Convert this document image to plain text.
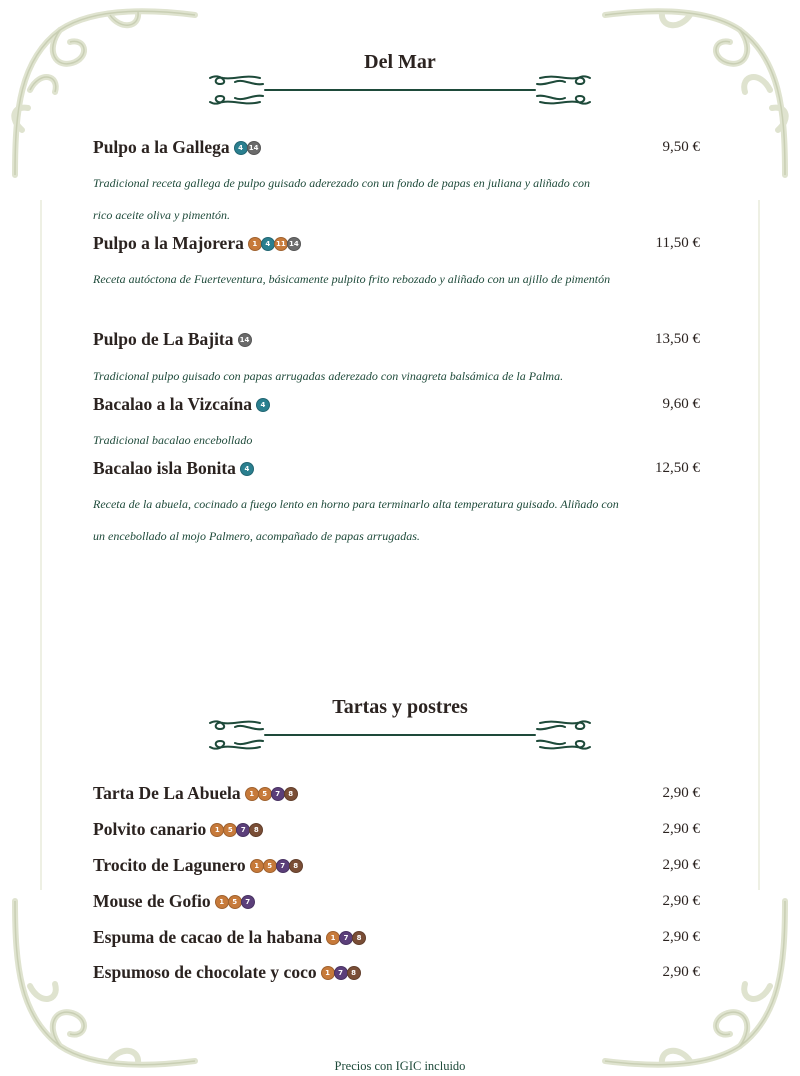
Del Mar
Pulpo a la Gallega	4 14	9,50 €
Tradicional receta gallega de pulpo guisado aderezado con un fondo de papas en juliana y aliñado con rico aceite oliva y pimentón.
Pulpo a la Majorera	1	4 11 14	11,50 €
Receta autóctona de Fuerteventura, básicamente pulpito frito rebozado y aliñado con un ajillo de pimentón
Pulpo de La Bajita 14	13,50 €
Tradicional pulpo guisado con papas arrugadas aderezado con vinagreta balsámica de la Palma.
Bacalao a la Vizcaína	4	9,60 €
Tradicional bacalao encebollado
Bacalao isla Bonita	4	12,50 €
Receta de la abuela, cocinado a fuego lento en horno para terminarlo alta temperatura guisado. Aliñado con un encebollado al mojo Palmero, acompañado de papas arrugadas.
Tartas y postres
Tarta De La Abuela	1	5	7	8	2,90 €
Polvito canario	1	5	7	8	2,90 €
Trocito de Lagunero	1	5	7	8	2,90 €
Mouse de Gofio	1	5	7	2,90 €
Espuma de cacao de la habana	1	7	8	2,90 €
Espumoso de chocolate y coco	1	7	8	2,90 €
Precios con IGIC incluido
